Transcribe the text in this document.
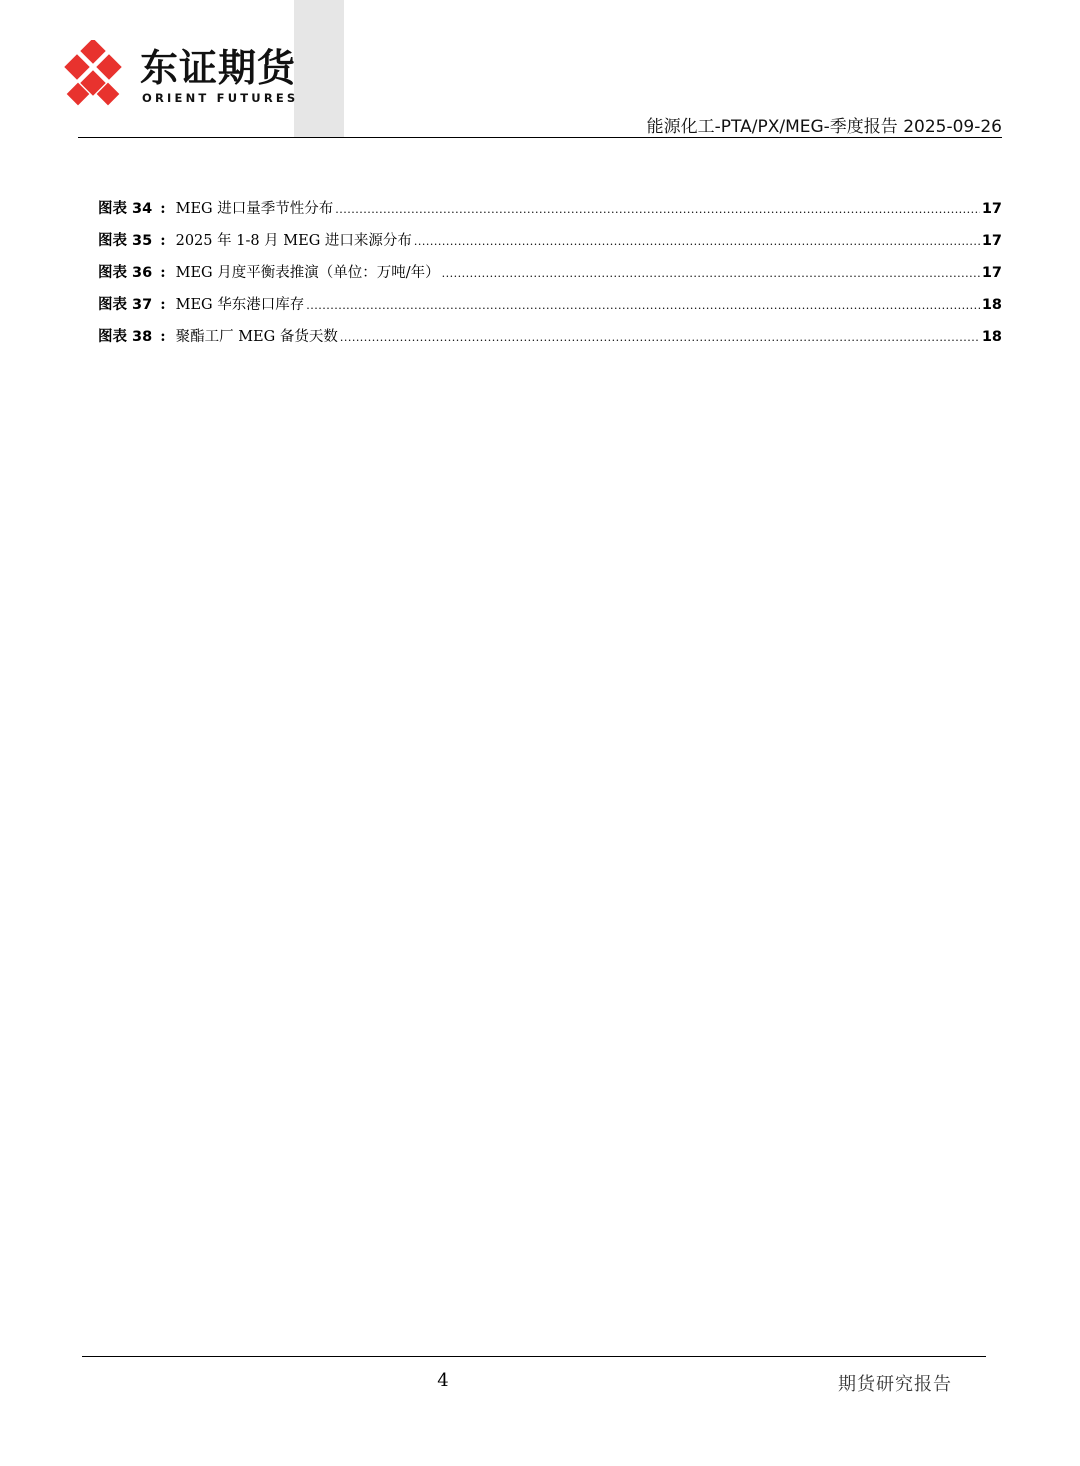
东证期货
ORIENT FUTURES
能源化工-PTA/PX/MEG-季度报告 2025-09-26
图表 34 : MEG 进口量季节性分布 .....	17
图表 35 : 2025 年 1-8 月 MEG 进口来源分布 .....	17
图表 36 : MEG 月度平衡表推演（单位：万吨/年） .....	17
图表 37 : MEG 华东港口库存 .....	18
图表 38 : 聚酯工厂 MEG 备货天数 .....	18
4	期货研究报告
